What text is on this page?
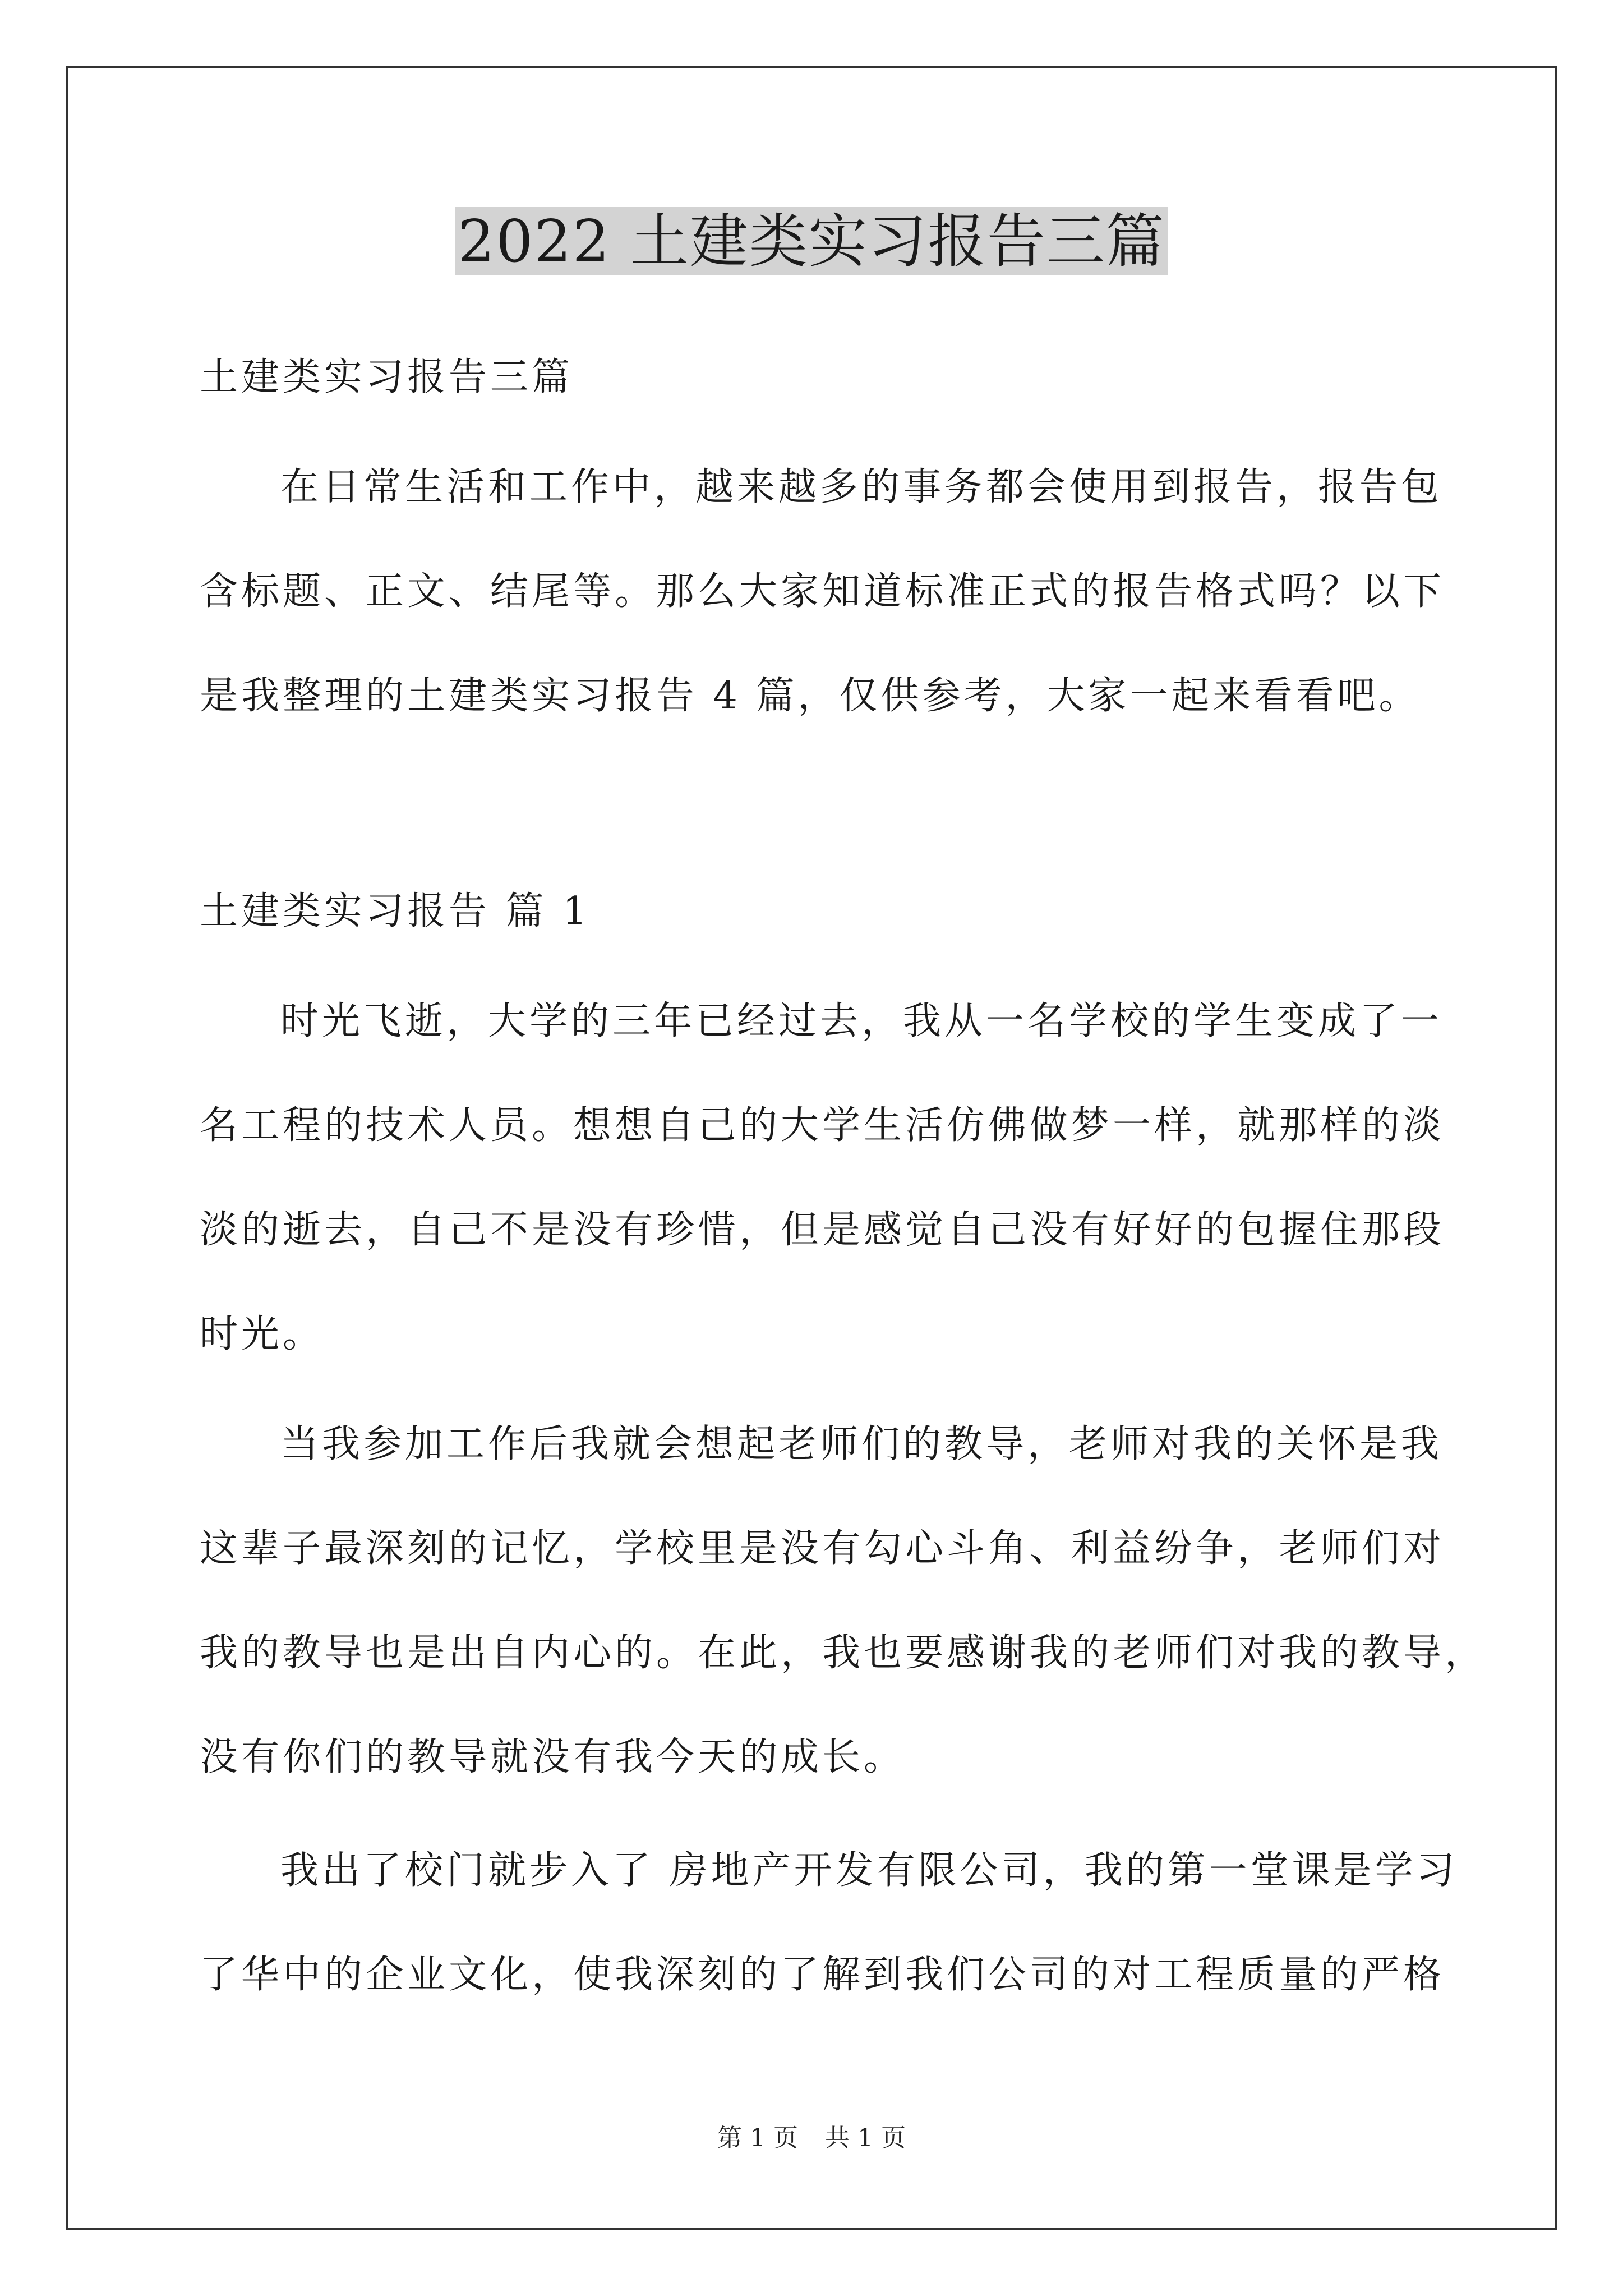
2022 土建类实习报告三篇
土建类实习报告三篇
在日常生活和工作中，越来越多的事务都会使用到报告，报告包
含标题、正文、结尾等。那么大家知道标准正式的报告格式吗？以下
是我整理的土建类实习报告 4 篇，仅供参考，大家一起来看看吧。
土建类实习报告 篇 1
时光飞逝，大学的三年已经过去，我从一名学校的学生变成了一
名工程的技术人员。想想自己的大学生活仿佛做梦一样，就那样的淡
淡的逝去，自己不是没有珍惜，但是感觉自己没有好好的包握住那段
时光。
当我参加工作后我就会想起老师们的教导，老师对我的关怀是我
这辈子最深刻的记忆，学校里是没有勾心斗角、利益纷争，老师们对
我的教导也是出自内心的。在此，我也要感谢我的老师们对我的教导，
没有你们的教导就没有我今天的成长。
我出了校门就步入了 房地产开发有限公司，我的第一堂课是学习
了华中的企业文化，使我深刻的了解到我们公司的对工程质量的严格
第 1 页 共 1 页
